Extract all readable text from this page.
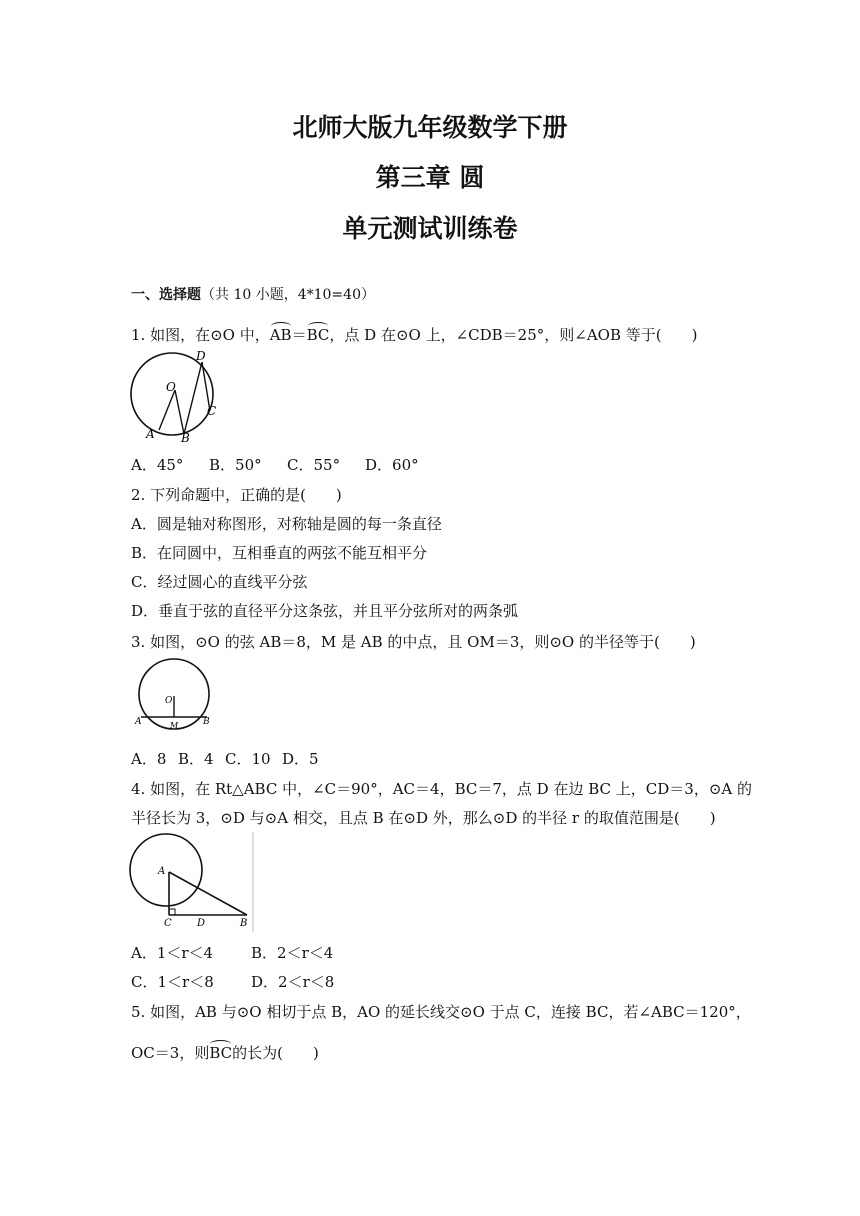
北师大版九年级数学下册
第三章 圆
单元测试训练卷
一、选择题（共 10 小题，4*10=40）
1. 如图，在⊙O 中，AB＝BC，点 D 在⊙O 上，∠CDB＝25°，则∠AOB 等于(　　)
O
D
C
A B
A．45° B．50° C．55° D．60°
2. 下列命题中，正确的是(　　)
A．圆是轴对称图形，对称轴是圆的每一条直径
B．在同圆中，互相垂直的两弦不能互相平分
C．经过圆心的直线平分弦
D．垂直于弦的直径平分这条弦，并且平分弦所对的两条弧
3. 如图，⊙O 的弦 AB＝8，M 是 AB 的中点，且 OM＝3，则⊙O 的半径等于(　　)
O
A	M	B
A．8 B．4 C．10 D．5
4. 如图，在 Rt△ABC 中，∠C＝90°，AC＝4，BC＝7，点 D 在边 BC 上，CD＝3，⊙A 的
半径长为 3，⊙D 与⊙A 相交，且点 B 在⊙D 外，那么⊙D 的半径 r 的取值范围是(　　)
A
C	D	B
A．1＜r＜4	B．2＜r＜4
C．1＜r＜8 D．2＜r＜8
5. 如图，AB 与⊙O 相切于点 B，AO 的延长线交⊙O 于点 C，连接 BC，若∠ABC＝120°，
OC＝3，则BC的长为(　　)
